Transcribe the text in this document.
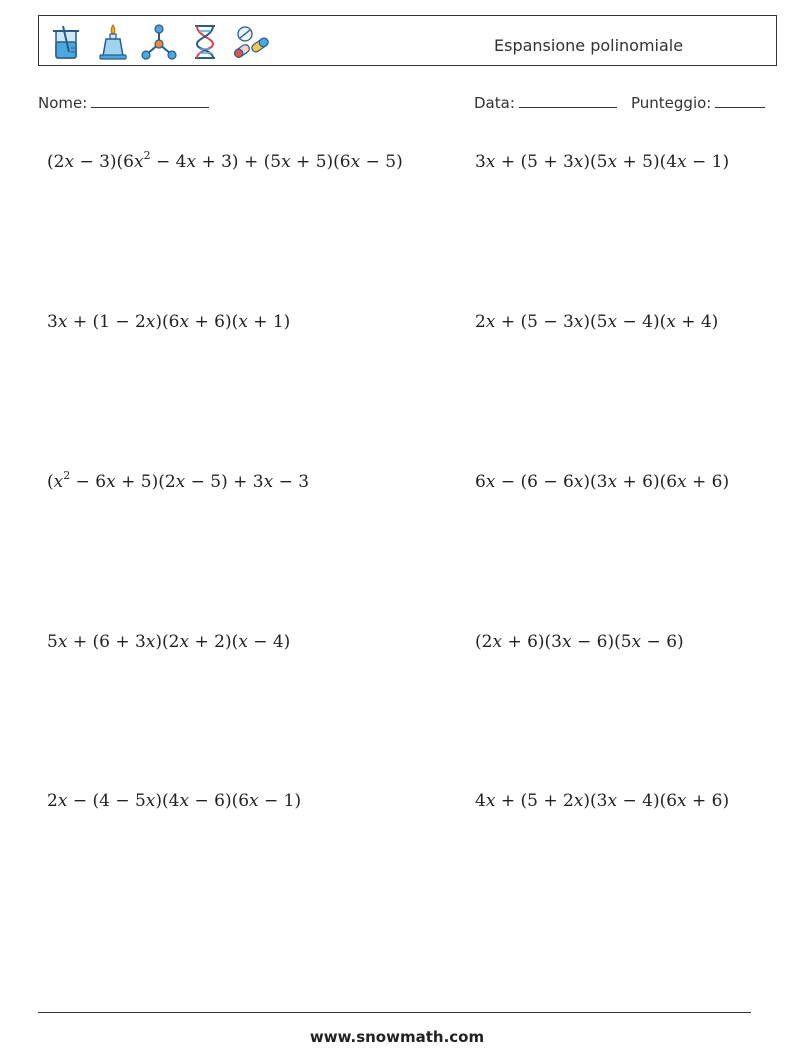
Espansione polinomiale
Nome:	Data:	Punteggio:
$(2x - 3)(6x^2 - 4x + 3) + (5x + 5)(6x - 5)$	3x + (5 + 3x)(5x + 5)(4x − 1)
3x + (1 − 2x)(6x + 6)(x + 1)	2x + (5 − 3x)(5x − 4)(x + 4)
$(x^2 - 6x + 5)(2x - 5) + 3x - 3$	6x − (6 − 6x)(3x + 6)(6x + 6)
5x + (6 + 3x)(2x + 2)(x − 4)	(2x + 6)(3x − 6)(5x − 6)
2x − (4 − 5x)(4x − 6)(6x − 1)	4x + (5 + 2x)(3x − 4)(6x + 6)
www.snowmath.com
